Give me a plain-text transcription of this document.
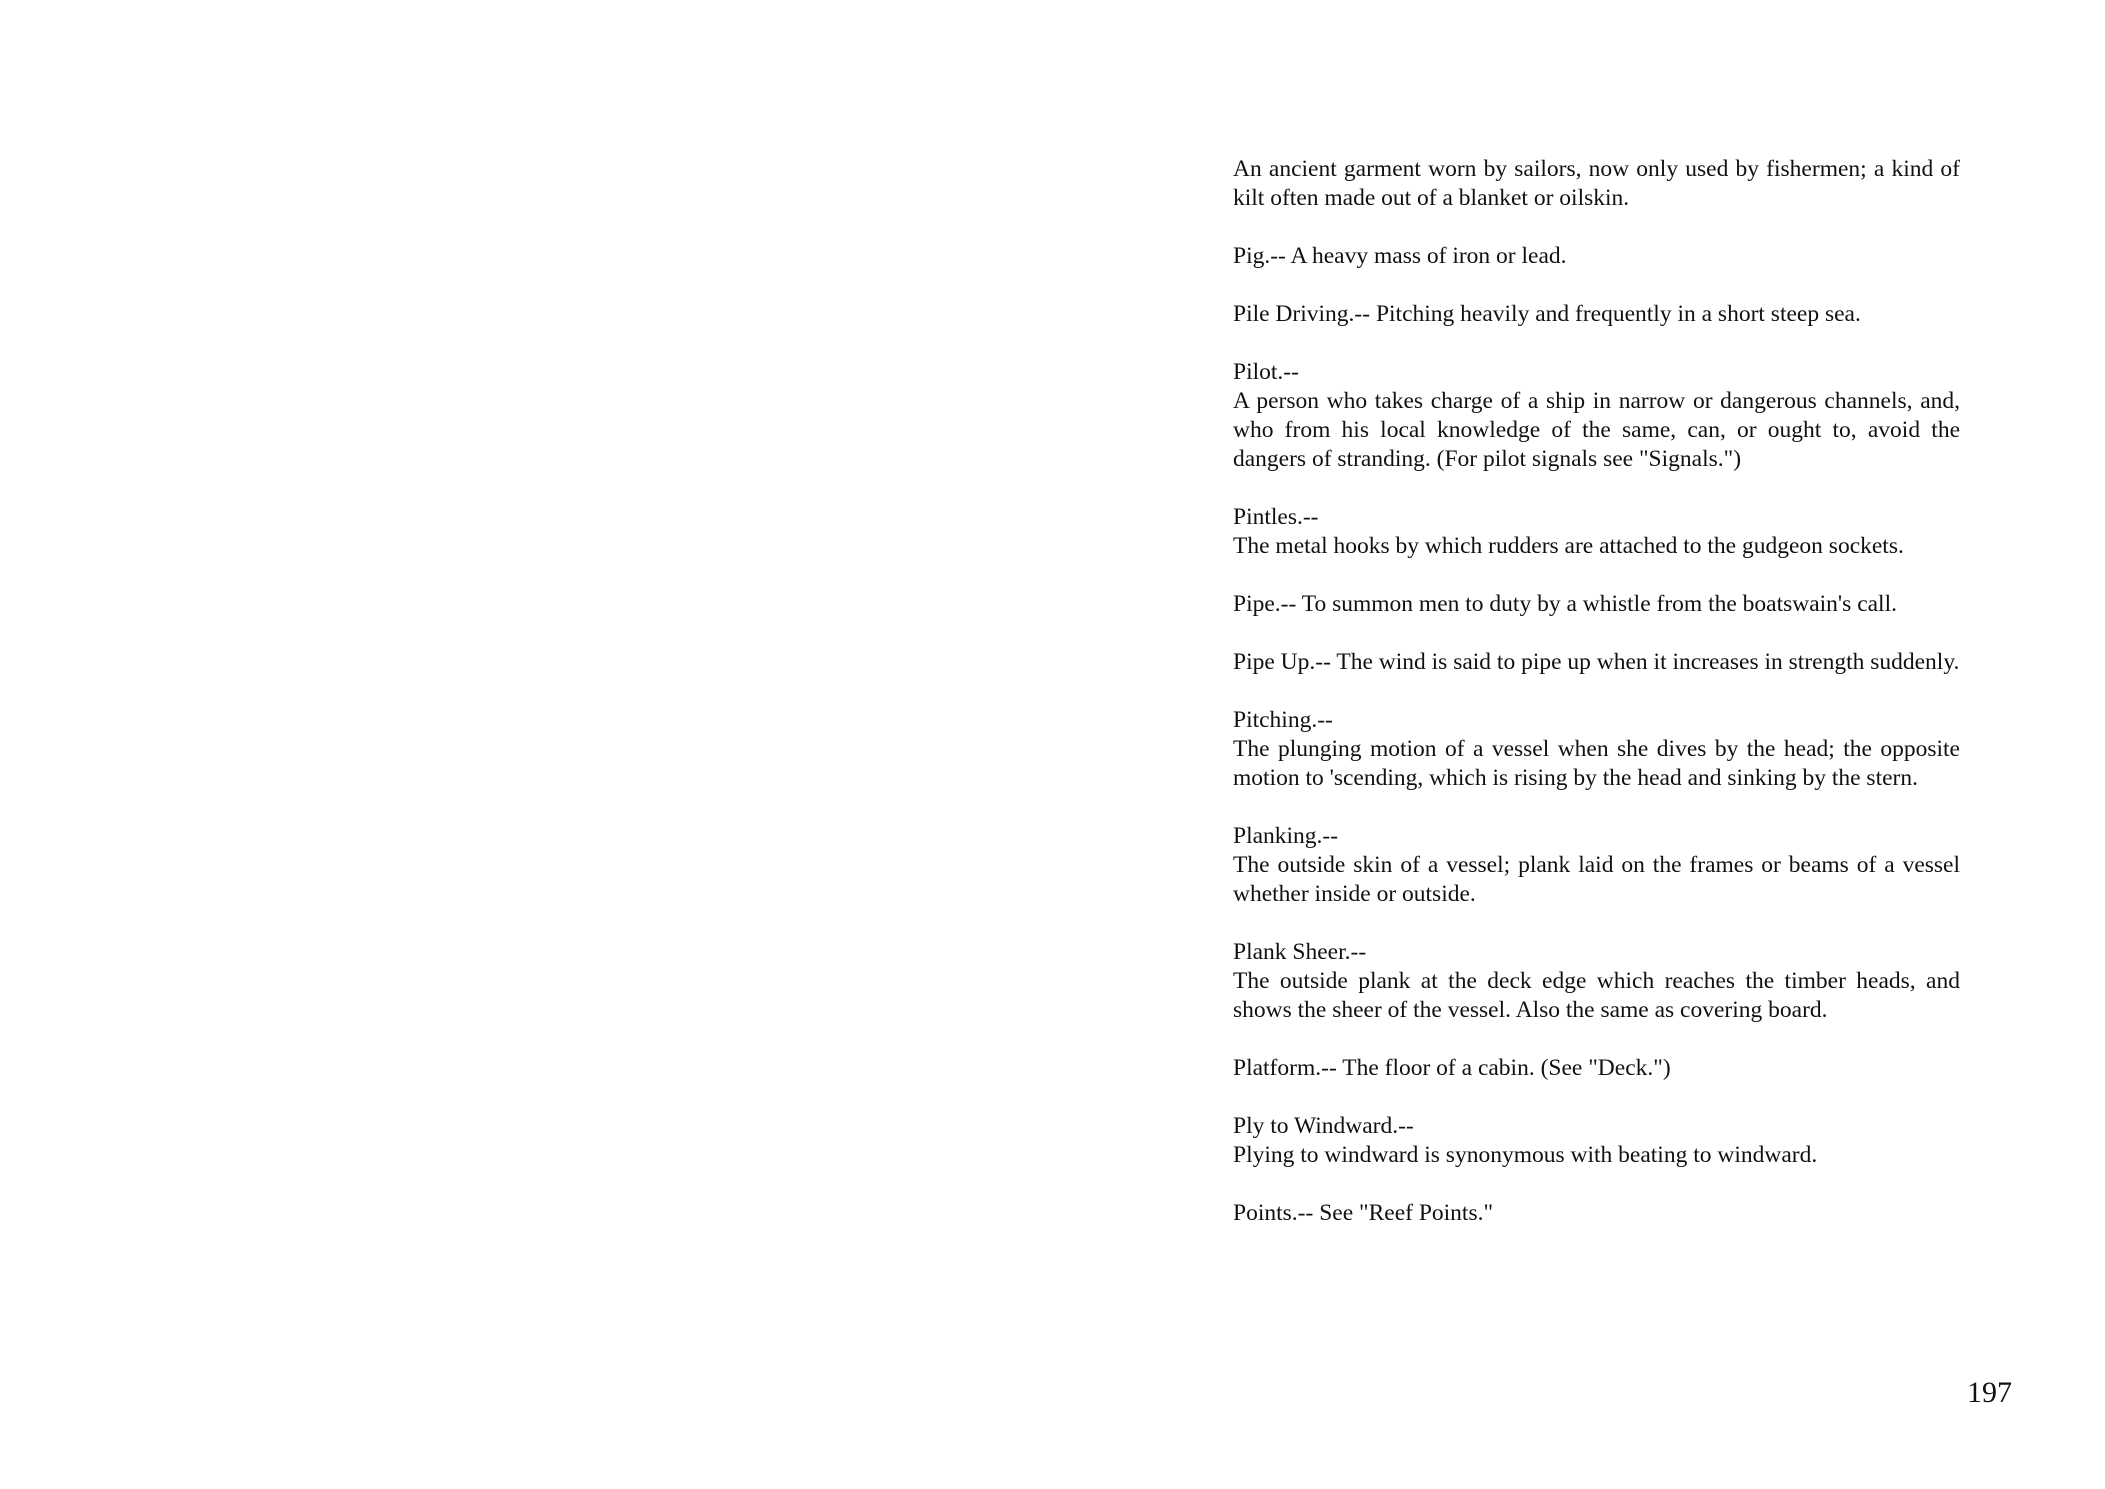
An ancient garment worn by sailors, now only used by fishermen; a kind of kilt often made out of a blanket or oilskin.
Pig.-- A heavy mass of iron or lead.
Pile Driving.-- Pitching heavily and frequently in a short steep sea.
Pilot.--
A person who takes charge of a ship in narrow or dangerous channels, and, who from his local knowledge of the same, can, or ought to, avoid the dangers of stranding. (For pilot signals see "Signals.")
Pintles.--
The metal hooks by which rudders are attached to the gudgeon sockets.
Pipe.-- To summon men to duty by a whistle from the boatswain's call.
Pipe Up.-- The wind is said to pipe up when it increases in strength suddenly.
Pitching.--
The plunging motion of a vessel when she dives by the head; the opposite motion to 'scending, which is rising by the head and sinking by the stern.
Planking.--
The outside skin of a vessel; plank laid on the frames or beams of a vessel whether inside or outside.
Plank Sheer.--
The outside plank at the deck edge which reaches the timber heads, and shows the sheer of the vessel. Also the same as covering board.
Platform.-- The floor of a cabin. (See "Deck.")
Ply to Windward.--
Plying to windward is synonymous with beating to windward.
Points.-- See "Reef Points."
197
